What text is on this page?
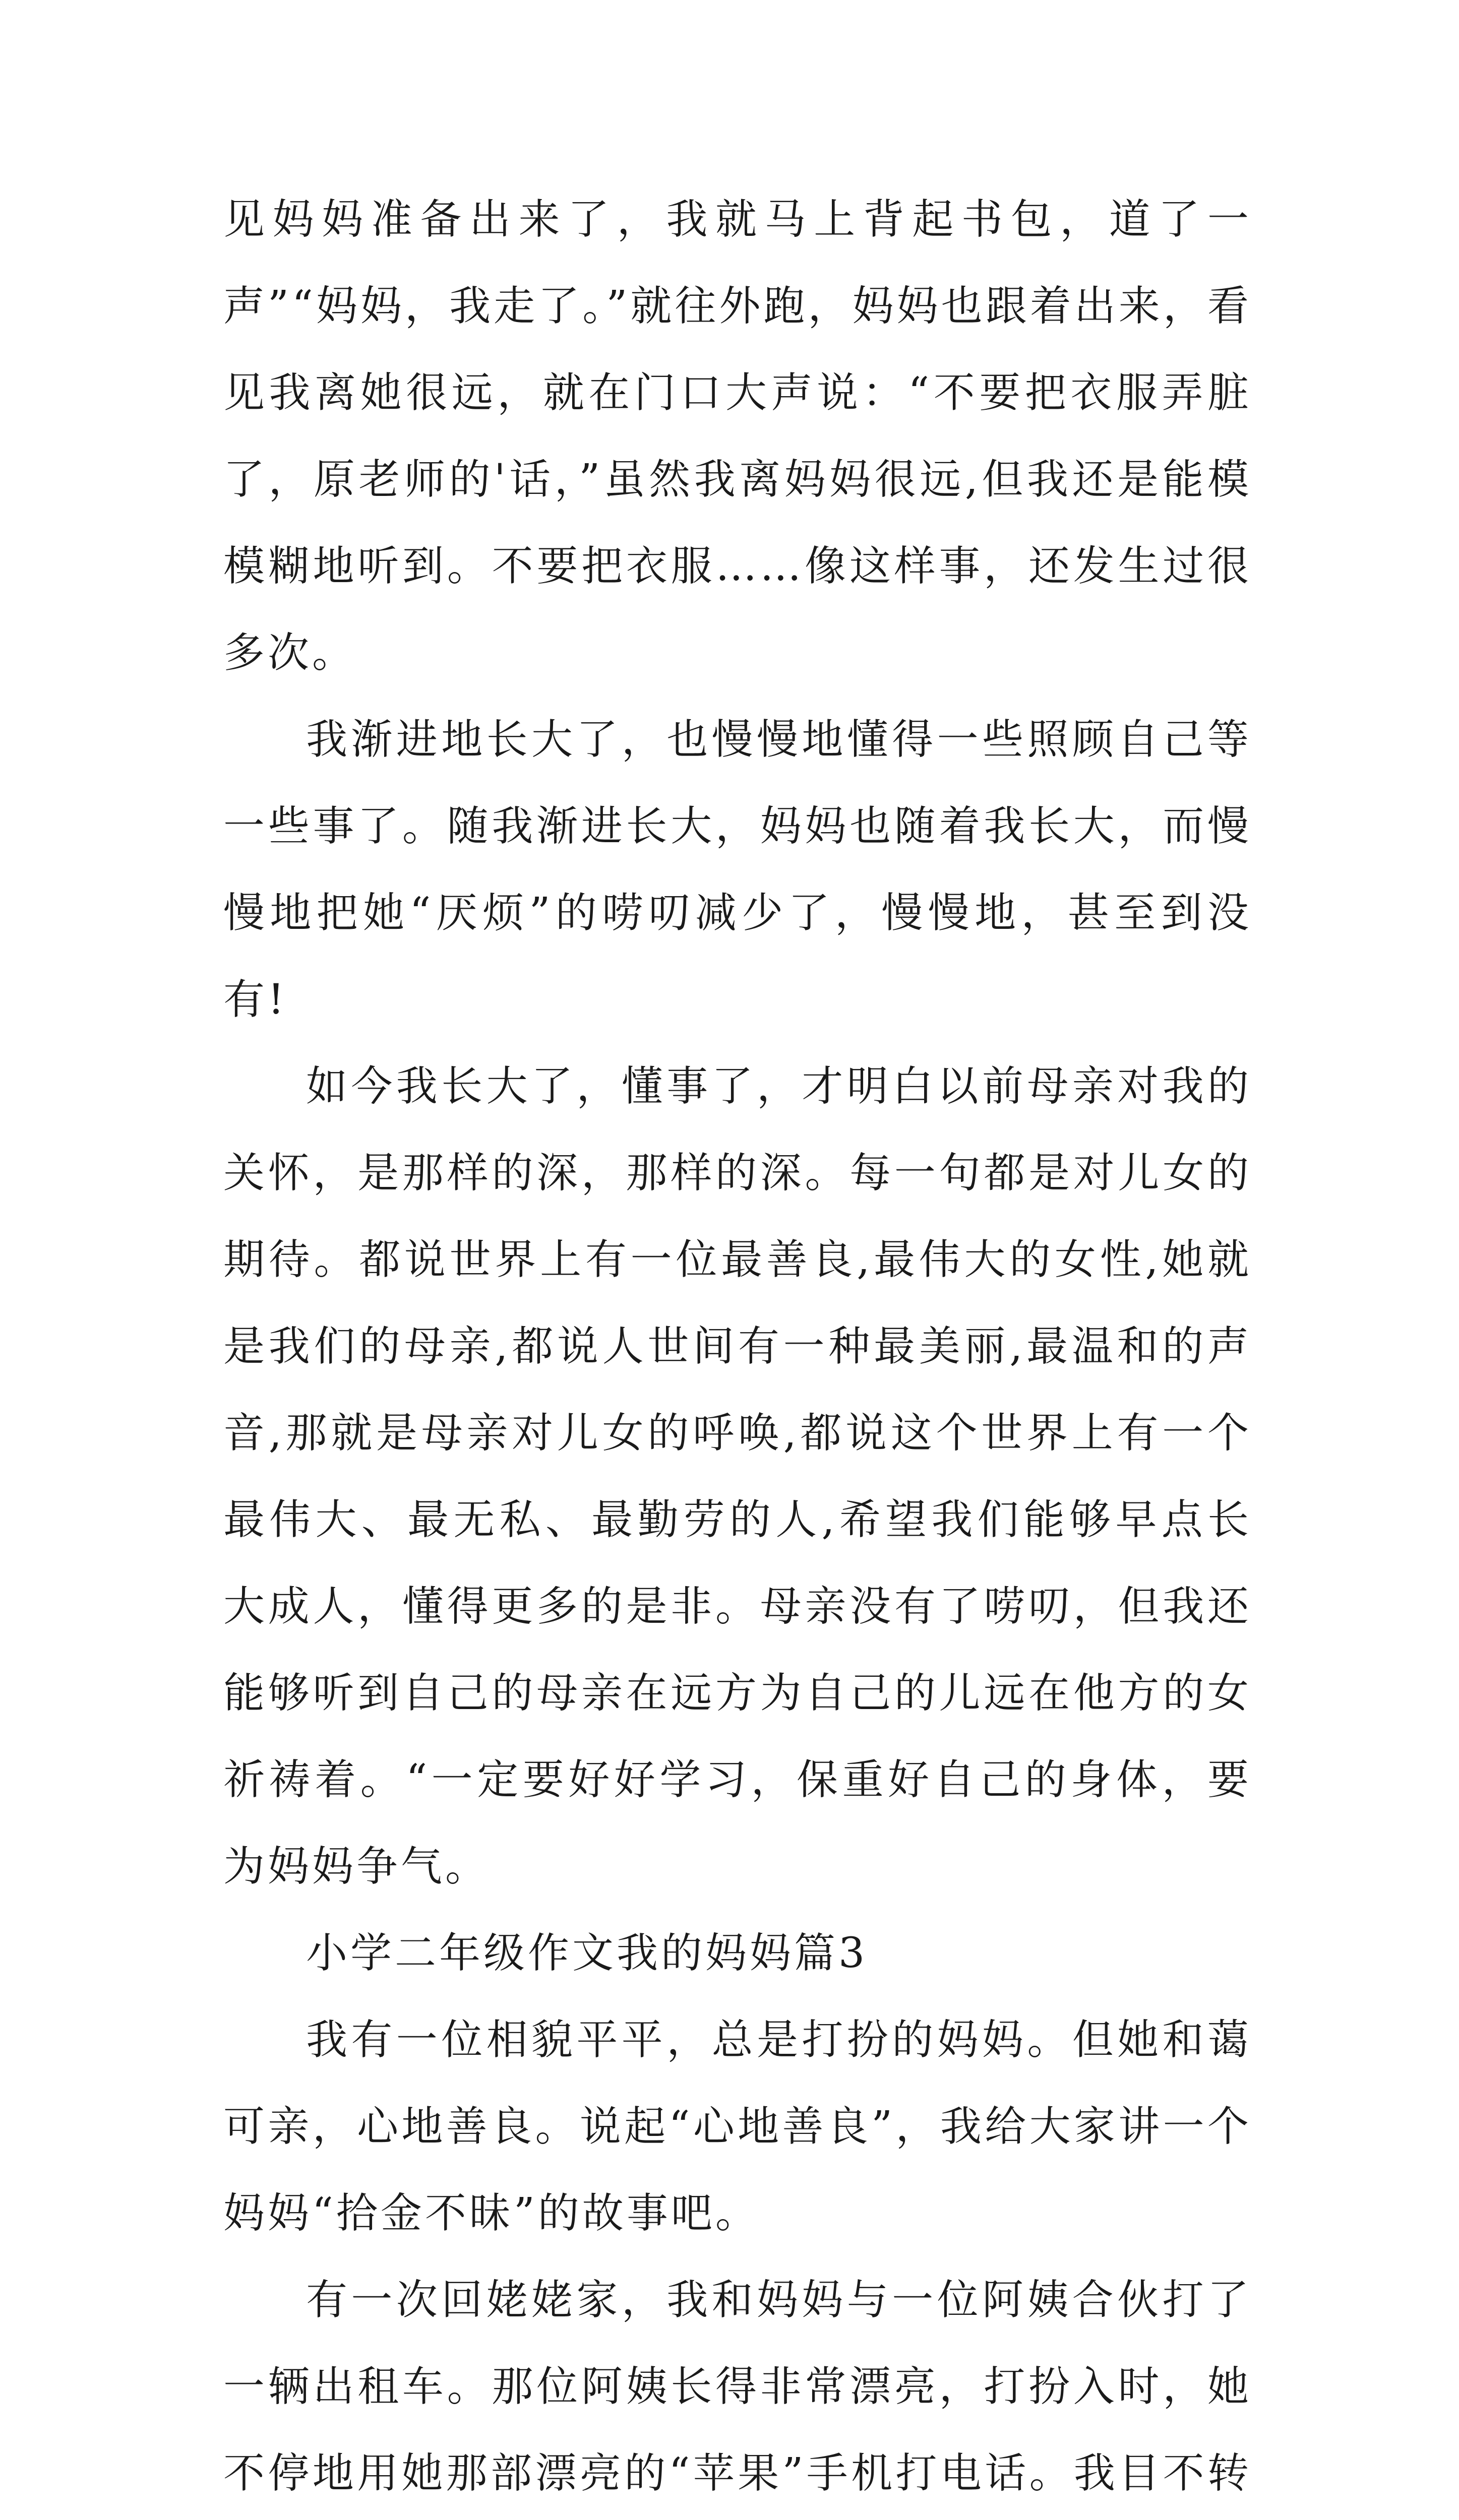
见妈妈准备出来了，我就马上背起书包，道了一声”“妈妈，我走了。”就往外跑，妈妈也跟着出来，看见我离她很远，就在门口大声说：“不要把衣服弄脏了，原老师的'话，”虽然我离妈妈很远,但我还是能模模糊地听到。不要把衣服……像这样事，还发生过很多次。

我渐进地长大了，也慢慢地懂得一些照顾自己等一些事了。随我渐进长大，妈妈也随着我长大，而慢慢地把她“厌烦”的唠叨减少了，慢慢地，甚至到没有!

如今我长大了，懂事了，才明白以前母亲对我的关怀，是那样的深，那样的深。每一句都是对儿女的期待。都说世界上有一位最善良,最伟大的女性,她就是我们的母亲,都说人世间有一种最美丽,最温和的声音,那就是母亲对儿女的呼唤,都说这个世界上有一个最伟大、最无私、最勤劳的人,希望我们能够早点长大成人，懂得更多的是非。母亲没有了唠叨，但我还能够听到自己的母亲在远方为自己的儿远在他方的女祈祷着。“一定要好好学习，保重好自己的身体，要为妈妈争气。

小学二年级作文我的妈妈篇3

我有一位相貌平平，总是打扮的妈妈。但她和蔼可亲，心地善良。说起“心地善良”，我给大家讲一个妈妈“拾金不昧”的故事吧。

有一次回姥姥家，我和妈妈与一位阿姨合伙打了一辆出租车。那位阿姨长得非常漂亮，打扮入时，她不停地用她那部漂亮的“苹果”手机打电话。我目不转
